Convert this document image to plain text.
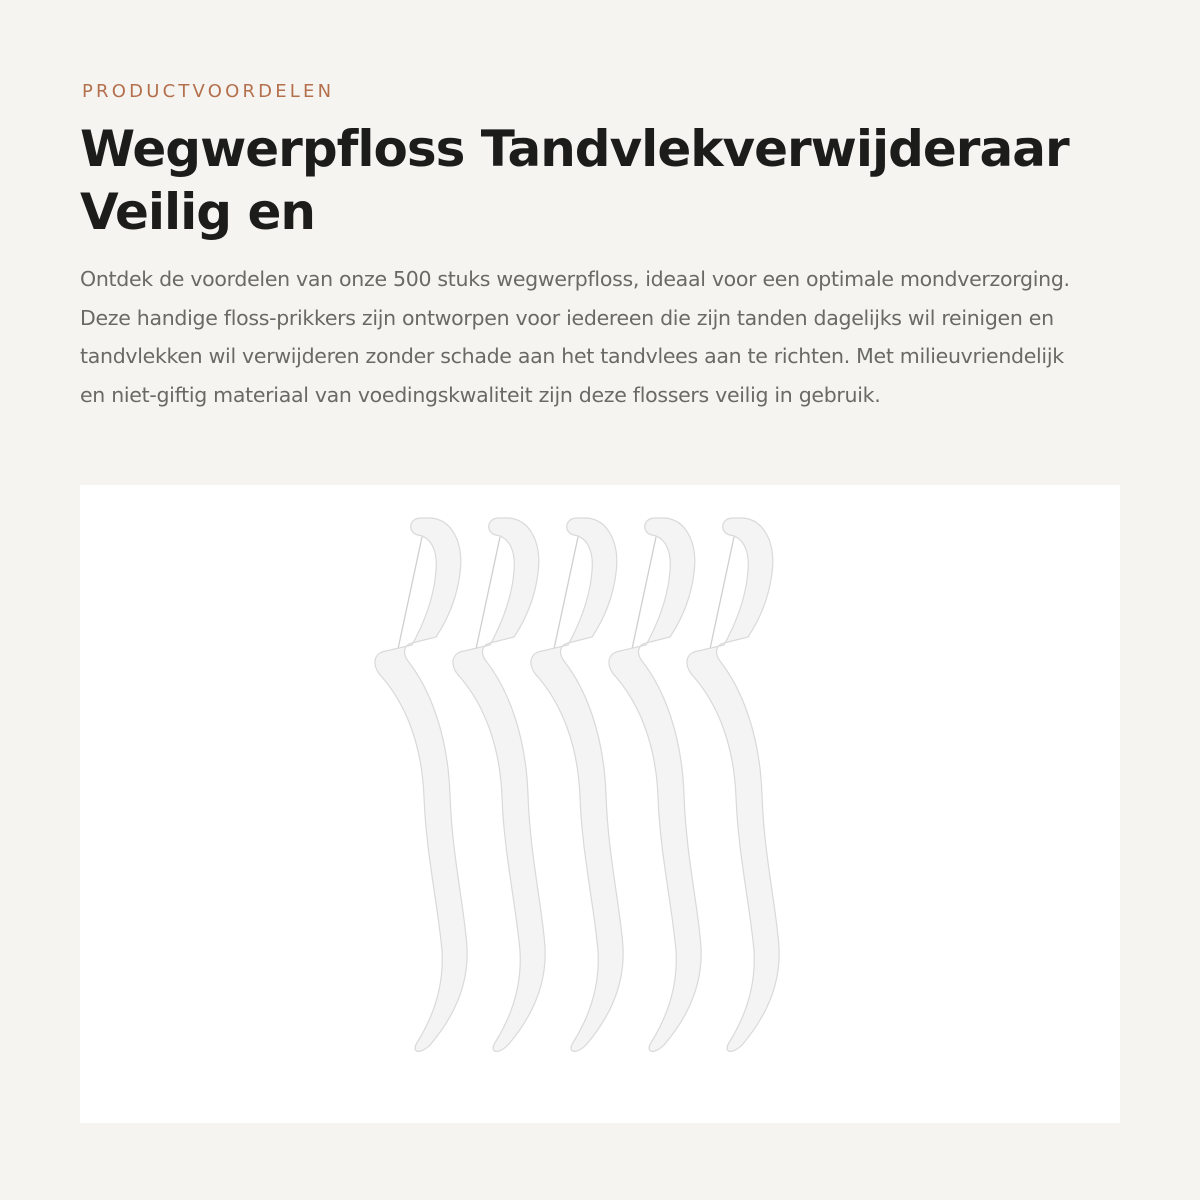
PRODUCTVOORDELEN

Wegwerpfloss Tandvlekverwijderaar Veilig en

Ontdek de voordelen van onze 500 stuks wegwerpfloss, ideaal voor een optimale mondverzorging. Deze handige floss-prikkers zijn ontworpen voor iedereen die zijn tanden dagelijks wil reinigen en tandvlekken wil verwijderen zonder schade aan het tandvlees aan te richten. Met milieuvriendelijk en niet-giftig materiaal van voedingskwaliteit zijn deze flossers veilig in gebruik.
